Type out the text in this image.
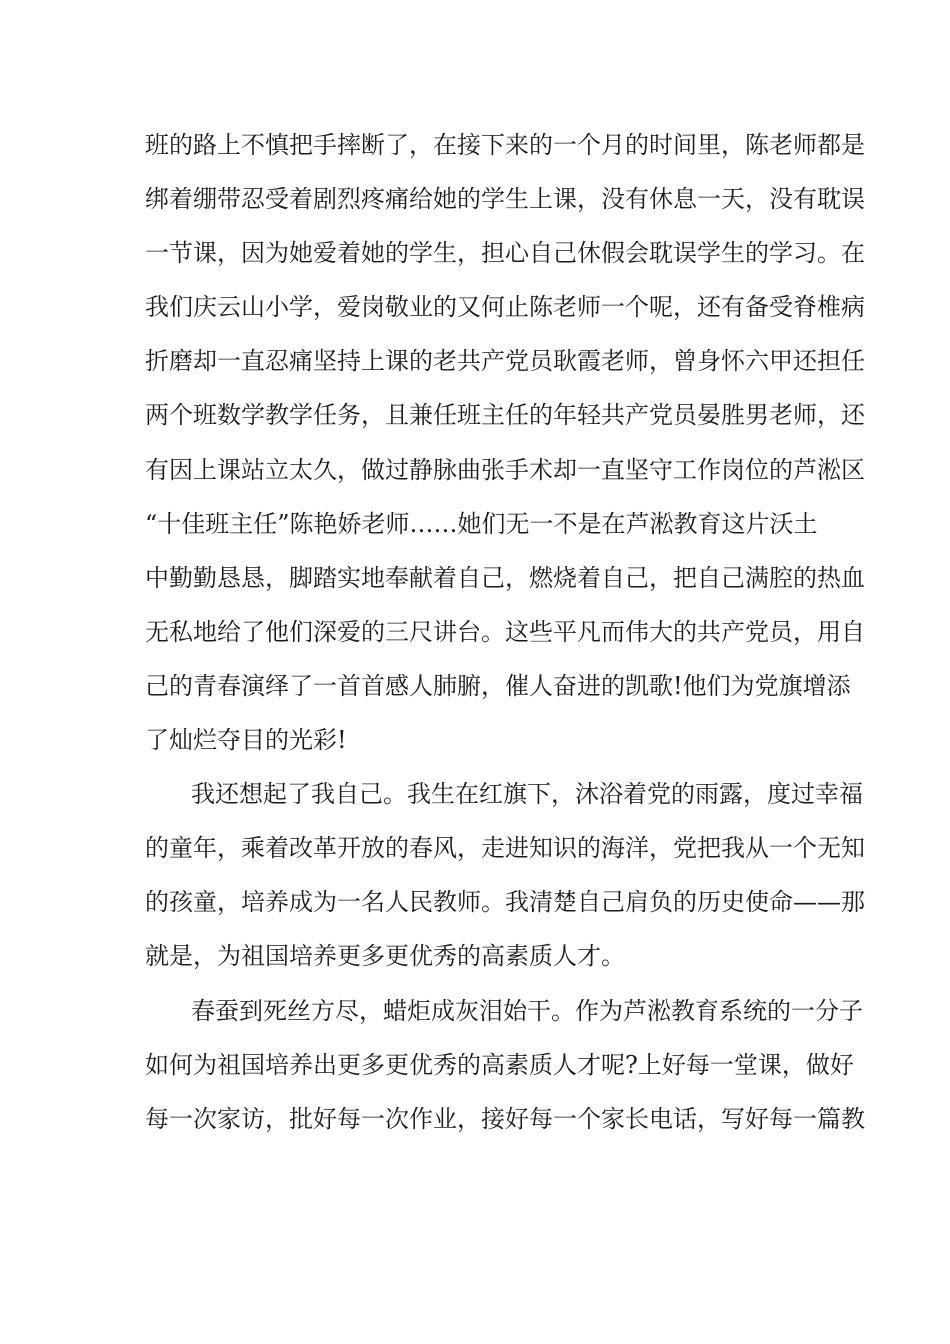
班的路上不慎把手摔断了，在接下来的一个月的时间里，陈老师都是
绑着绷带忍受着剧烈疼痛给她的学生上课，没有休息一天，没有耽误
一节课，因为她爱着她的学生，担心自己休假会耽误学生的学习。在
我们庆云山小学，爱岗敬业的又何止陈老师一个呢，还有备受脊椎病
折磨却一直忍痛坚持上课的老共产党员耿霞老师，曾身怀六甲还担任
两个班数学教学任务，且兼任班主任的年轻共产党员晏胜男老师，还
有因上课站立太久，做过静脉曲张手术却一直坚守工作岗位的芦淞区
“十佳班主任”陈艳娇老师……她们无一不是在芦淞教育这片沃土
中勤勤恳恳，脚踏实地奉献着自己，燃烧着自己，把自己满腔的热血
无私地给了他们深爱的三尺讲台。这些平凡而伟大的共产党员，用自
己的青春演绎了一首首感人肺腑，催人奋进的凯歌!他们为党旗增添
了灿烂夺目的光彩!
我还想起了我自己。我生在红旗下，沐浴着党的雨露，度过幸福
的童年，乘着改革开放的春风，走进知识的海洋，党把我从一个无知
的孩童，培养成为一名人民教师。我清楚自己肩负的历史使命——那
就是，为祖国培养更多更优秀的高素质人才。
春蚕到死丝方尽，蜡炬成灰泪始干。作为芦淞教育系统的一分子
如何为祖国培养出更多更优秀的高素质人才呢?上好每一堂课，做好
每一次家访，批好每一次作业，接好每一个家长电话，写好每一篇教
